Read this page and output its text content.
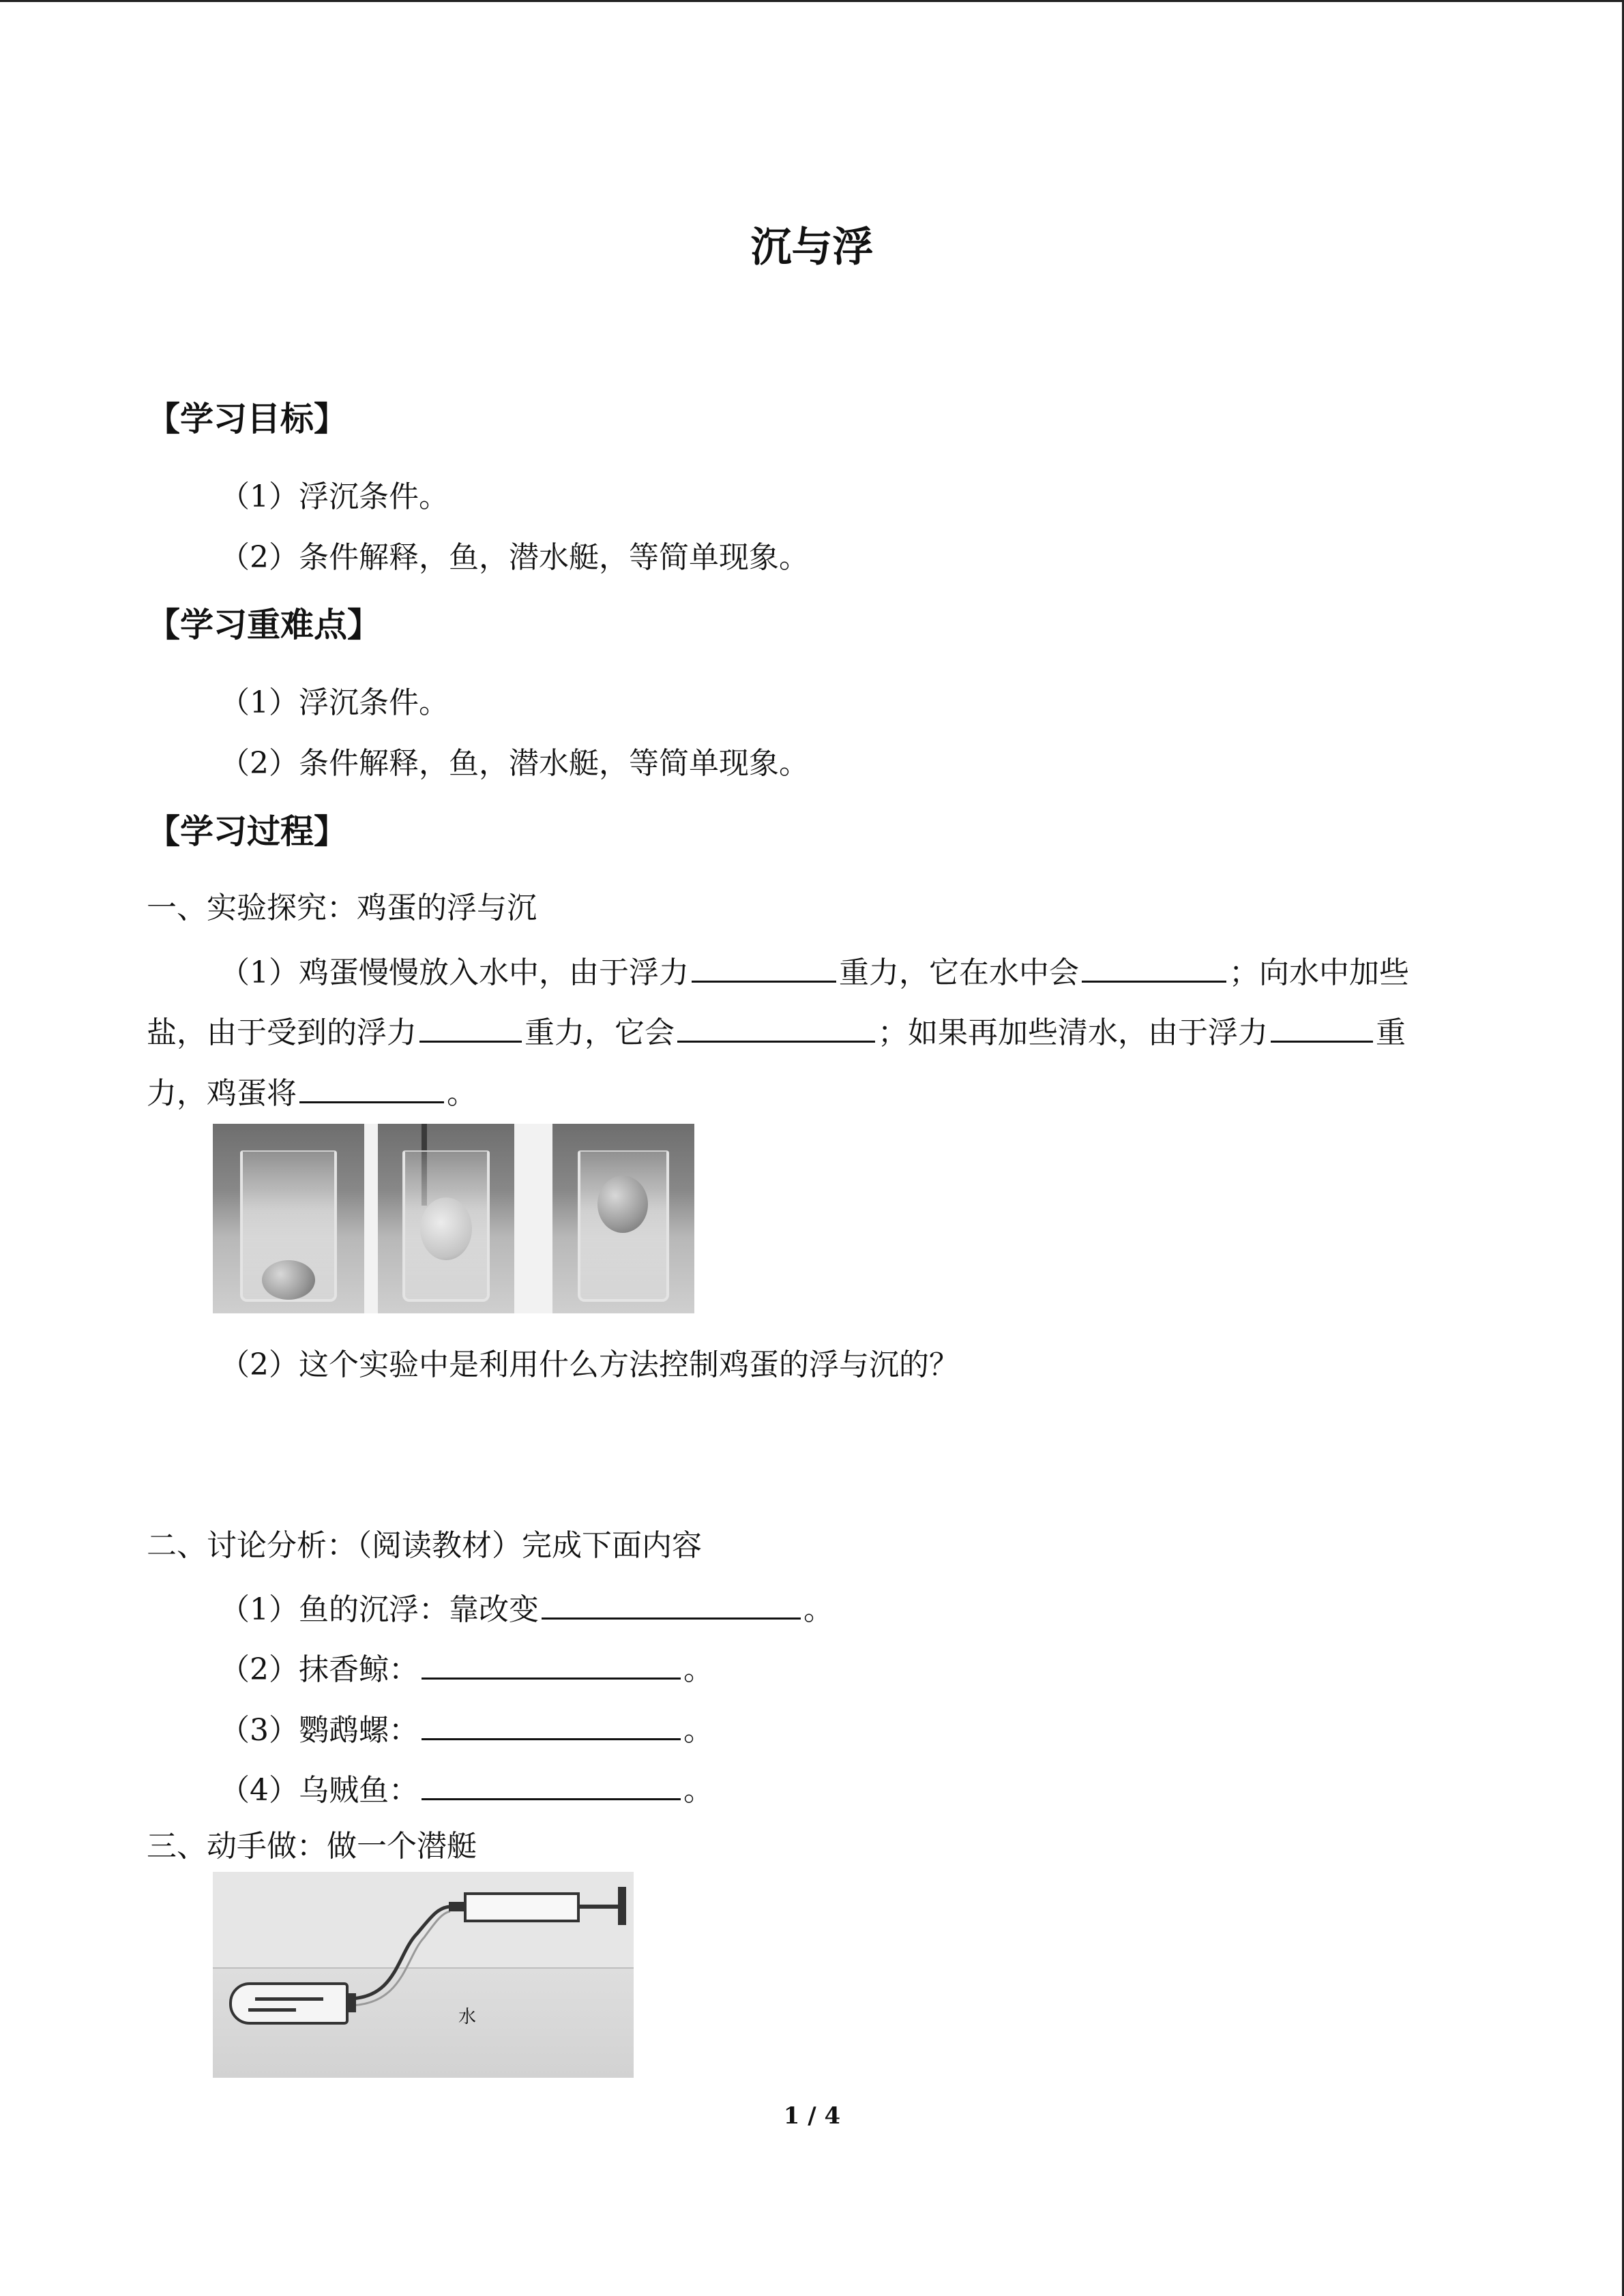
沉与浮
【学习目标】
（1）浮沉条件。
（2）条件解释，鱼，潜水艇，等简单现象。
【学习重难点】
（1）浮沉条件。
（2）条件解释，鱼，潜水艇，等简单现象。
【学习过程】
一、实验探究：鸡蛋的浮与沉
（1）鸡蛋慢慢放入水中，由于浮力	重力，它在水中会	；向水中加些
盐，由于受到的浮力	重力，它会	；如果再加些清水，由于浮力	重
力，鸡蛋将	。
（2）这个实验中是利用什么方法控制鸡蛋的浮与沉的？
二、讨论分析：（阅读教材）完成下面内容
（1）鱼的沉浮：靠改变	。
（2）抹香鲸：	。
（3）鹦鹉螺：	。
（4）乌贼鱼：	。
三、动手做：做一个潜艇
水
1 / 4
